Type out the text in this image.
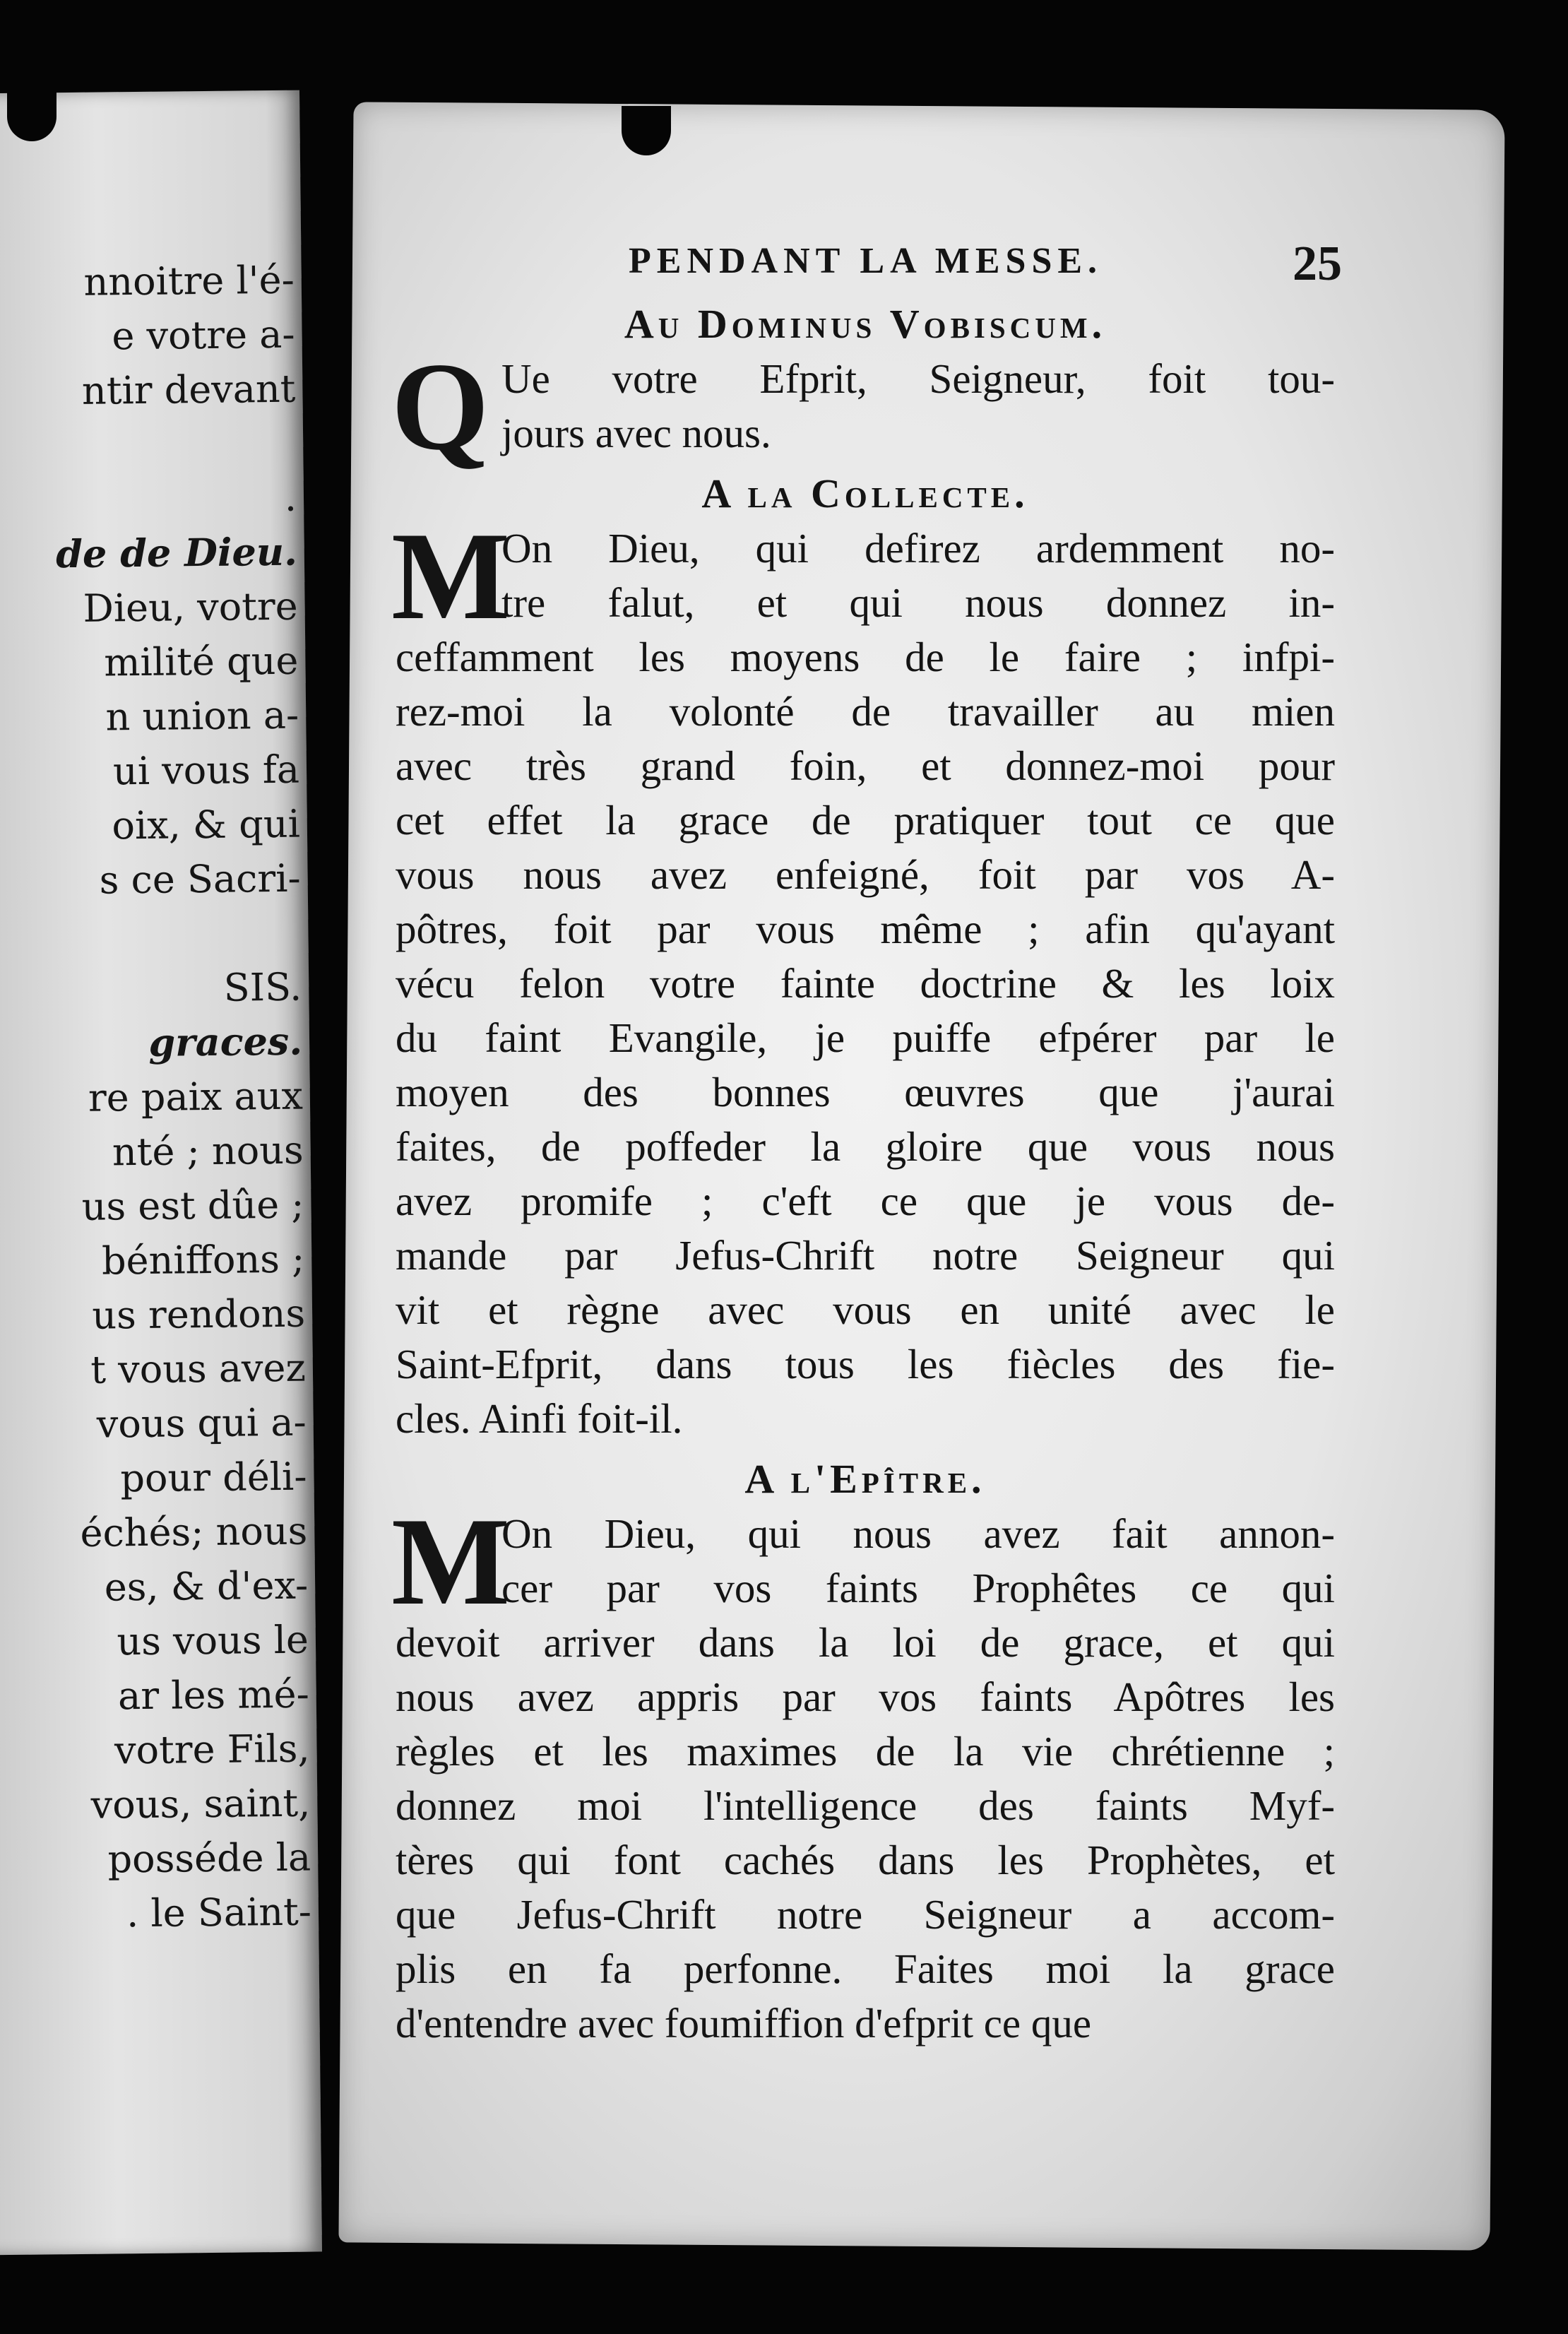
nnoitre l'é-
e votre a-
ntir devant

.
de de Dieu.
Dieu, votre
milité que
n union a-
ui vous fa
oix, & qui
s ce Sacri-

SIS.
graces.
re paix aux
nté ; nous
us est dûe ;
béniffons ;
us rendons
t vous avez
vous qui a-
pour déli-
échés; nous
es, & d'ex-
us vous le
ar les mé-
votre Fils,
vous, saint,
posséde la
. le Saint-
PENDANT LA MESSE.	25
Au Dominus Vobiscum.
Q Ue votre Efprit, Seigneur, foit tou-
jours avec nous.
A la Collecte.
M
On Dieu, qui defirez ardemment no-
tre falut, et qui nous donnez in-
ceffamment les moyens de le faire ; infpi-
rez-moi la volonté de travailler au mien
avec très grand foin, et donnez-moi pour
cet effet la grace de pratiquer tout ce que
vous nous avez enfeigné, foit par vos A-
pôtres, foit par vous même ; afin qu'ayant
vécu felon votre fainte doctrine & les loix
du faint Evangile, je puiffe efpérer par le
moyen des bonnes œuvres que j'aurai
faites, de poffeder la gloire que vous nous
avez promife ; c'eft ce que je vous de-
mande par Jefus-Chrift notre Seigneur qui
vit et règne avec vous en unité avec le
Saint-Efprit, dans tous les fiècles des fie-
cles. Ainfi foit-il.
A l'Epître.
M
On Dieu, qui nous avez fait annon-
cer par vos faints Prophêtes ce qui
devoit arriver dans la loi de grace, et qui
nous avez appris par vos faints Apôtres les
règles et les maximes de la vie chrétienne ;
donnez moi l'intelligence des faints Myf-
tères qui font cachés dans les Prophètes, et
que Jefus-Chrift notre Seigneur a accom-
plis en fa perfonne. Faites moi la grace
d'entendre avec foumiffion d'efprit ce que
